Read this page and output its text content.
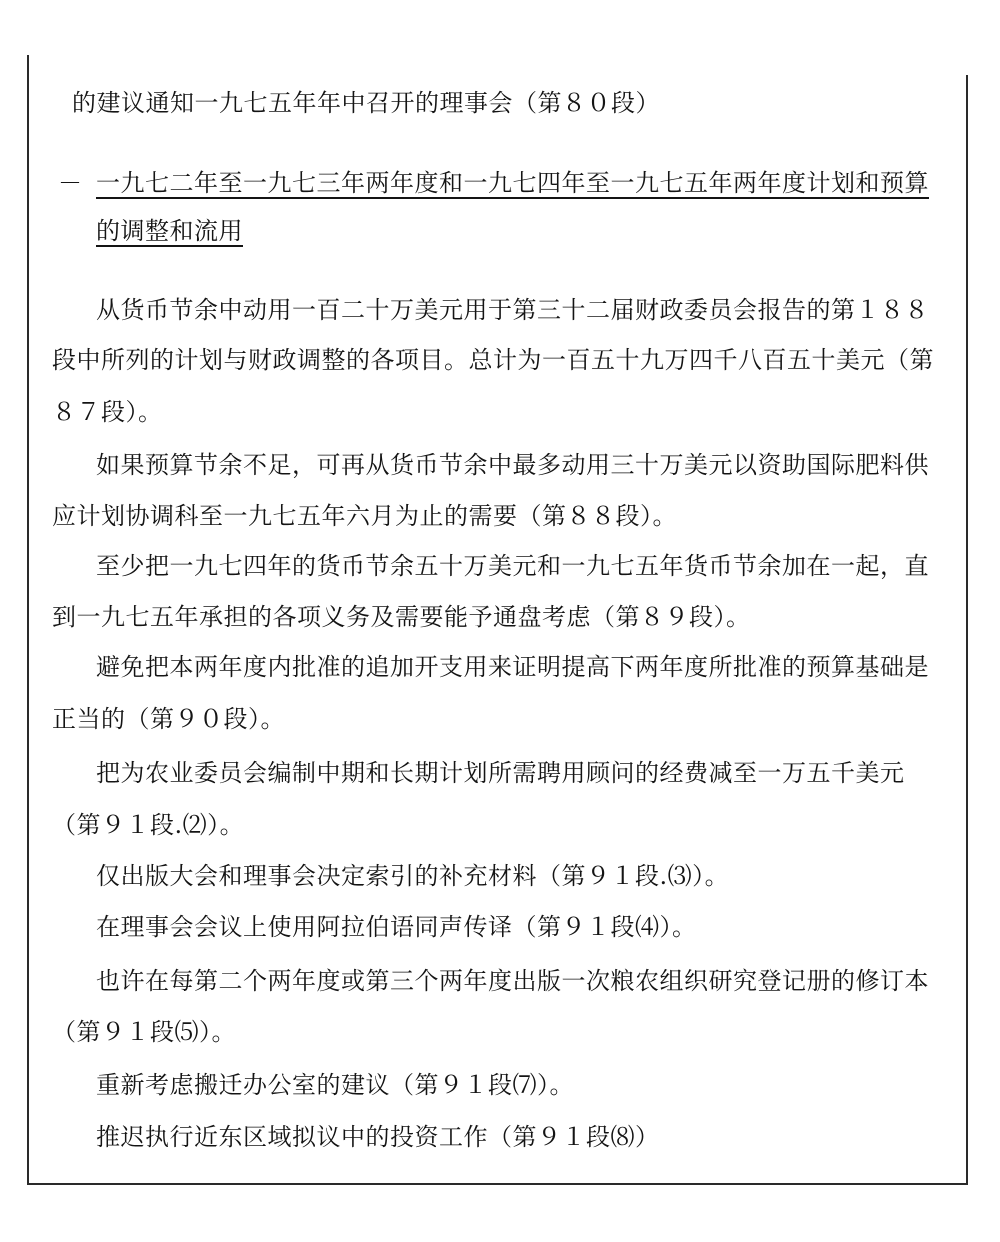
的建议通知一九七五年年中召开的理事会（第８０段）
－ 一九七二年至一九七三年两年度和一九七四年至一九七五年两年度计划和预算
的调整和流用
从货币节余中动用一百二十万美元用于第三十二届财政委员会报告的第１８８
段中所列的计划与财政调整的各项目。总计为一百五十九万四千八百五十美元（第
８７段）。
如果预算节余不足，可再从货币节余中最多动用三十万美元以资助国际肥料供
应计划协调科至一九七五年六月为止的需要（第８８段）。
至少把一九七四年的货币节余五十万美元和一九七五年货币节余加在一起，直
到一九七五年承担的各项义务及需要能予通盘考虑（第８９段）。
避免把本两年度内批准的追加开支用来证明提高下两年度所批准的预算基础是
正当的（第９０段）。
把为农业委员会编制中期和长期计划所需聘用顾问的经费减至一万五千美元
（第９１段.⑵）。
仅出版大会和理事会决定索引的补充材料（第９１段.⑶）。
在理事会会议上使用阿拉伯语同声传译（第９１段⑷）。
也许在每第二个两年度或第三个两年度出版一次粮农组织研究登记册的修订本
（第９１段⑸）。
重新考虑搬迁办公室的建议（第９１段⑺）。
推迟执行近东区域拟议中的投资工作（第９１段⑻）
